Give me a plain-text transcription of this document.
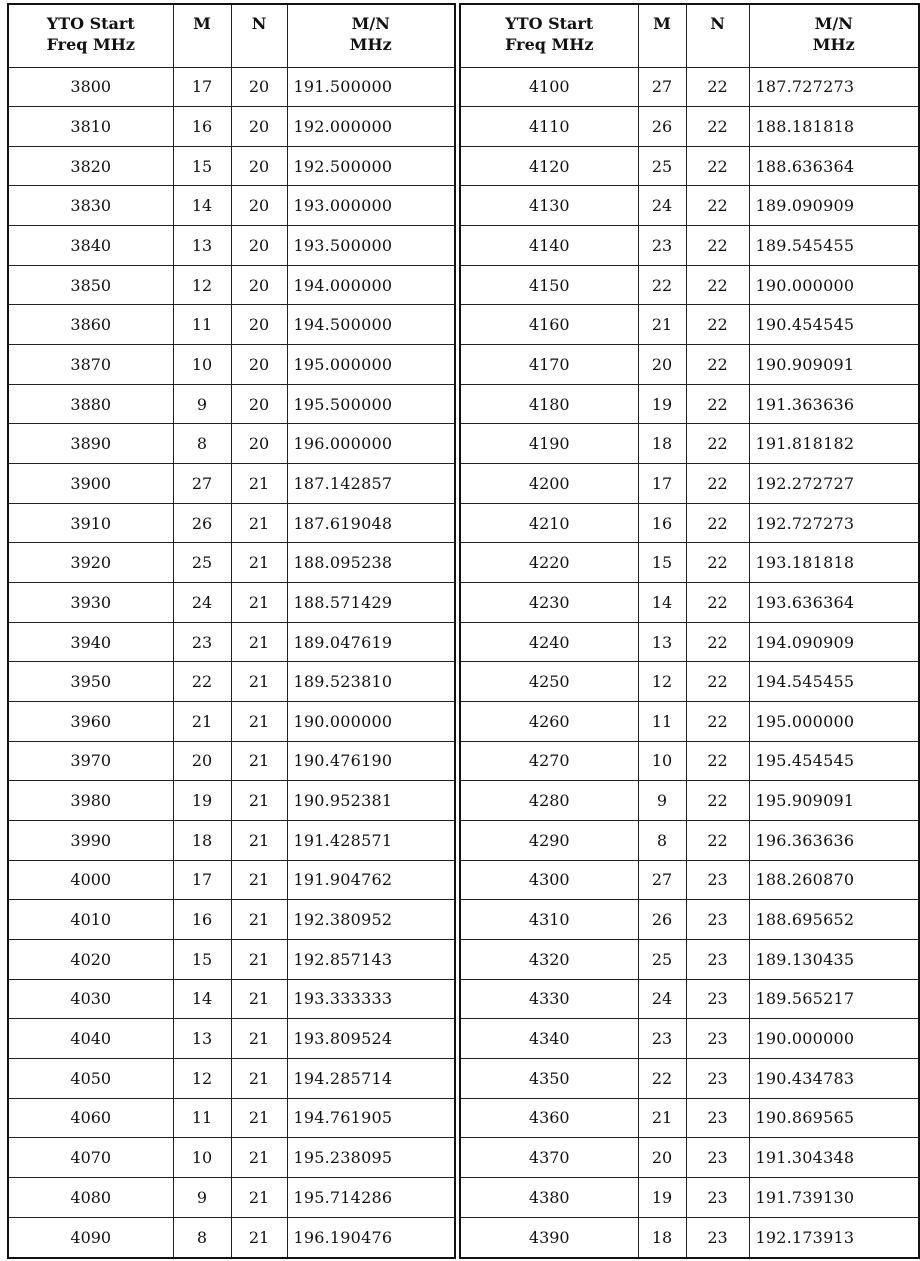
YTO Start
Freq MHz	M	N	M/N
MHz

3800	17	20	191.500000
3810	16	20	192.000000
3820	15	20	192.500000
3830	14	20	193.000000
3840	13	20	193.500000
3850	12	20	194.000000
3860	11	20	194.500000
3870	10	20	195.000000
3880	9	20	195.500000
3890	8	20	196.000000
3900	27	21	187.142857
3910	26	21	187.619048
3920	25	21	188.095238
3930	24	21	188.571429
3940	23	21	189.047619
3950	22	21	189.523810
3960	21	21	190.000000
3970	20	21	190.476190
3980	19	21	190.952381
3990	18	21	191.428571
4000	17	21	191.904762
4010	16	21	192.380952
4020	15	21	192.857143
4030	14	21	193.333333
4040	13	21	193.809524
4050	12	21	194.285714
4060	11	21	194.761905
4070	10	21	195.238095
4080	9	21	195.714286
4090	8	21	196.190476
YTO Start
Freq MHz	M	N	M/N
MHz

4100	27	22	187.727273
4110	26	22	188.181818
4120	25	22	188.636364
4130	24	22	189.090909
4140	23	22	189.545455
4150	22	22	190.000000
4160	21	22	190.454545
4170	20	22	190.909091
4180	19	22	191.363636
4190	18	22	191.818182
4200	17	22	192.272727
4210	16	22	192.727273
4220	15	22	193.181818
4230	14	22	193.636364
4240	13	22	194.090909
4250	12	22	194.545455
4260	11	22	195.000000
4270	10	22	195.454545
4280	9	22	195.909091
4290	8	22	196.363636
4300	27	23	188.260870
4310	26	23	188.695652
4320	25	23	189.130435
4330	24	23	189.565217
4340	23	23	190.000000
4350	22	23	190.434783
4360	21	23	190.869565
4370	20	23	191.304348
4380	19	23	191.739130
4390	18	23	192.173913
